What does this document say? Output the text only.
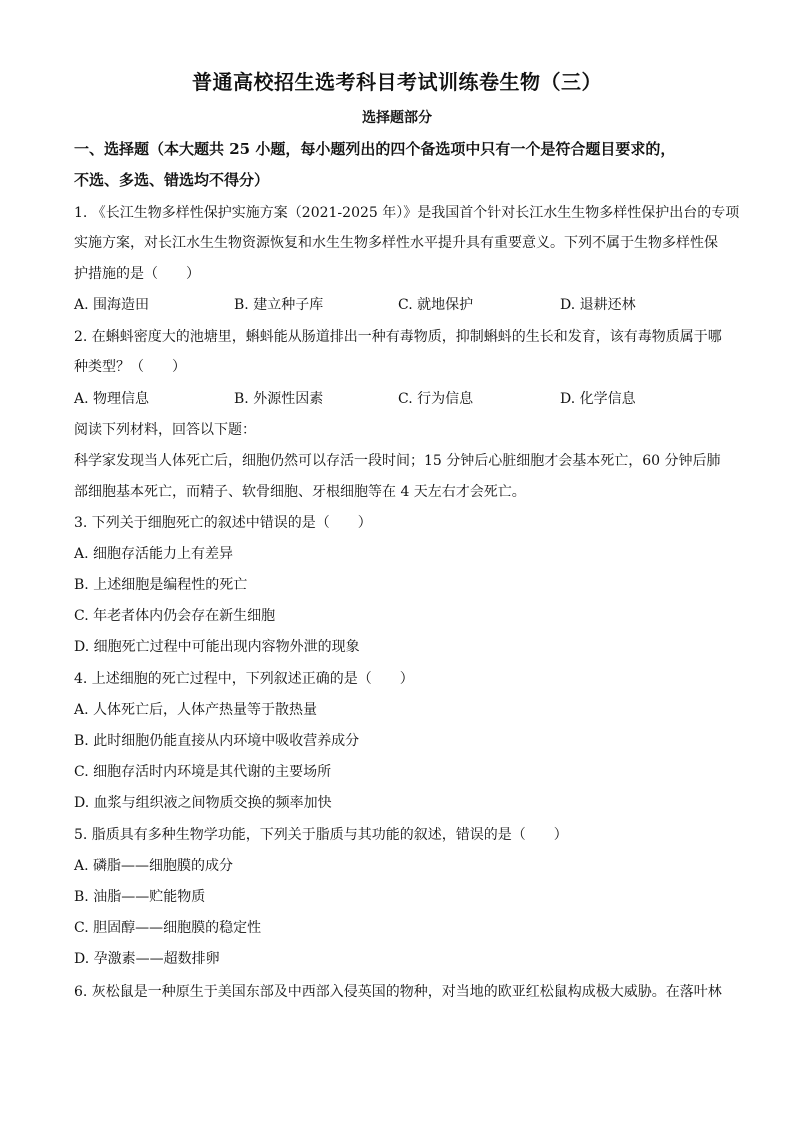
普通高校招生选考科目考试训练卷生物（三）
选择题部分
一、选择题（本大题共 25 小题，每小题列出的四个备选项中只有一个是符合题目要求的，
不选、多选、错选均不得分）
1. 《长江生物多样性保护实施方案（2021-2025 年）》是我国首个针对长江水生生物多样性保护出台的专项
实施方案，对长江水生生物资源恢复和水生生物多样性水平提升具有重要意义。下列不属于生物多样性保
护措施的是（　　）
A. 围海造田	B. 建立种子库	C. 就地保护	D. 退耕还林
2. 在蝌蚪密度大的池塘里，蝌蚪能从肠道排出一种有毒物质，抑制蝌蚪的生长和发育，该有毒物质属于哪
种类型？（　　）
A. 物理信息	B. 外源性因素	C. 行为信息	D. 化学信息
阅读下列材料，回答以下题：
科学家发现当人体死亡后，细胞仍然可以存活一段时间；15 分钟后心脏细胞才会基本死亡，60 分钟后肺
部细胞基本死亡，而精子、软骨细胞、牙根细胞等在 4 天左右才会死亡。
3. 下列关于细胞死亡的叙述中错误的是（　　）
A. 细胞存活能力上有差异
B. 上述细胞是编程性的死亡
C. 年老者体内仍会存在新生细胞
D. 细胞死亡过程中可能出现内容物外泄的现象
4. 上述细胞的死亡过程中，下列叙述正确的是（　　）
A. 人体死亡后，人体产热量等于散热量
B. 此时细胞仍能直接从内环境中吸收营养成分
C. 细胞存活时内环境是其代谢的主要场所
D. 血浆与组织液之间物质交换的频率加快
5. 脂质具有多种生物学功能，下列关于脂质与其功能的叙述，错误的是（　　）
A. 磷脂——细胞膜的成分
B. 油脂——贮能物质
C. 胆固醇——细胞膜的稳定性
D. 孕激素——超数排卵
6. 灰松鼠是一种原生于美国东部及中西部入侵英国的物种，对当地的欧亚红松鼠构成极大威胁。在落叶林
